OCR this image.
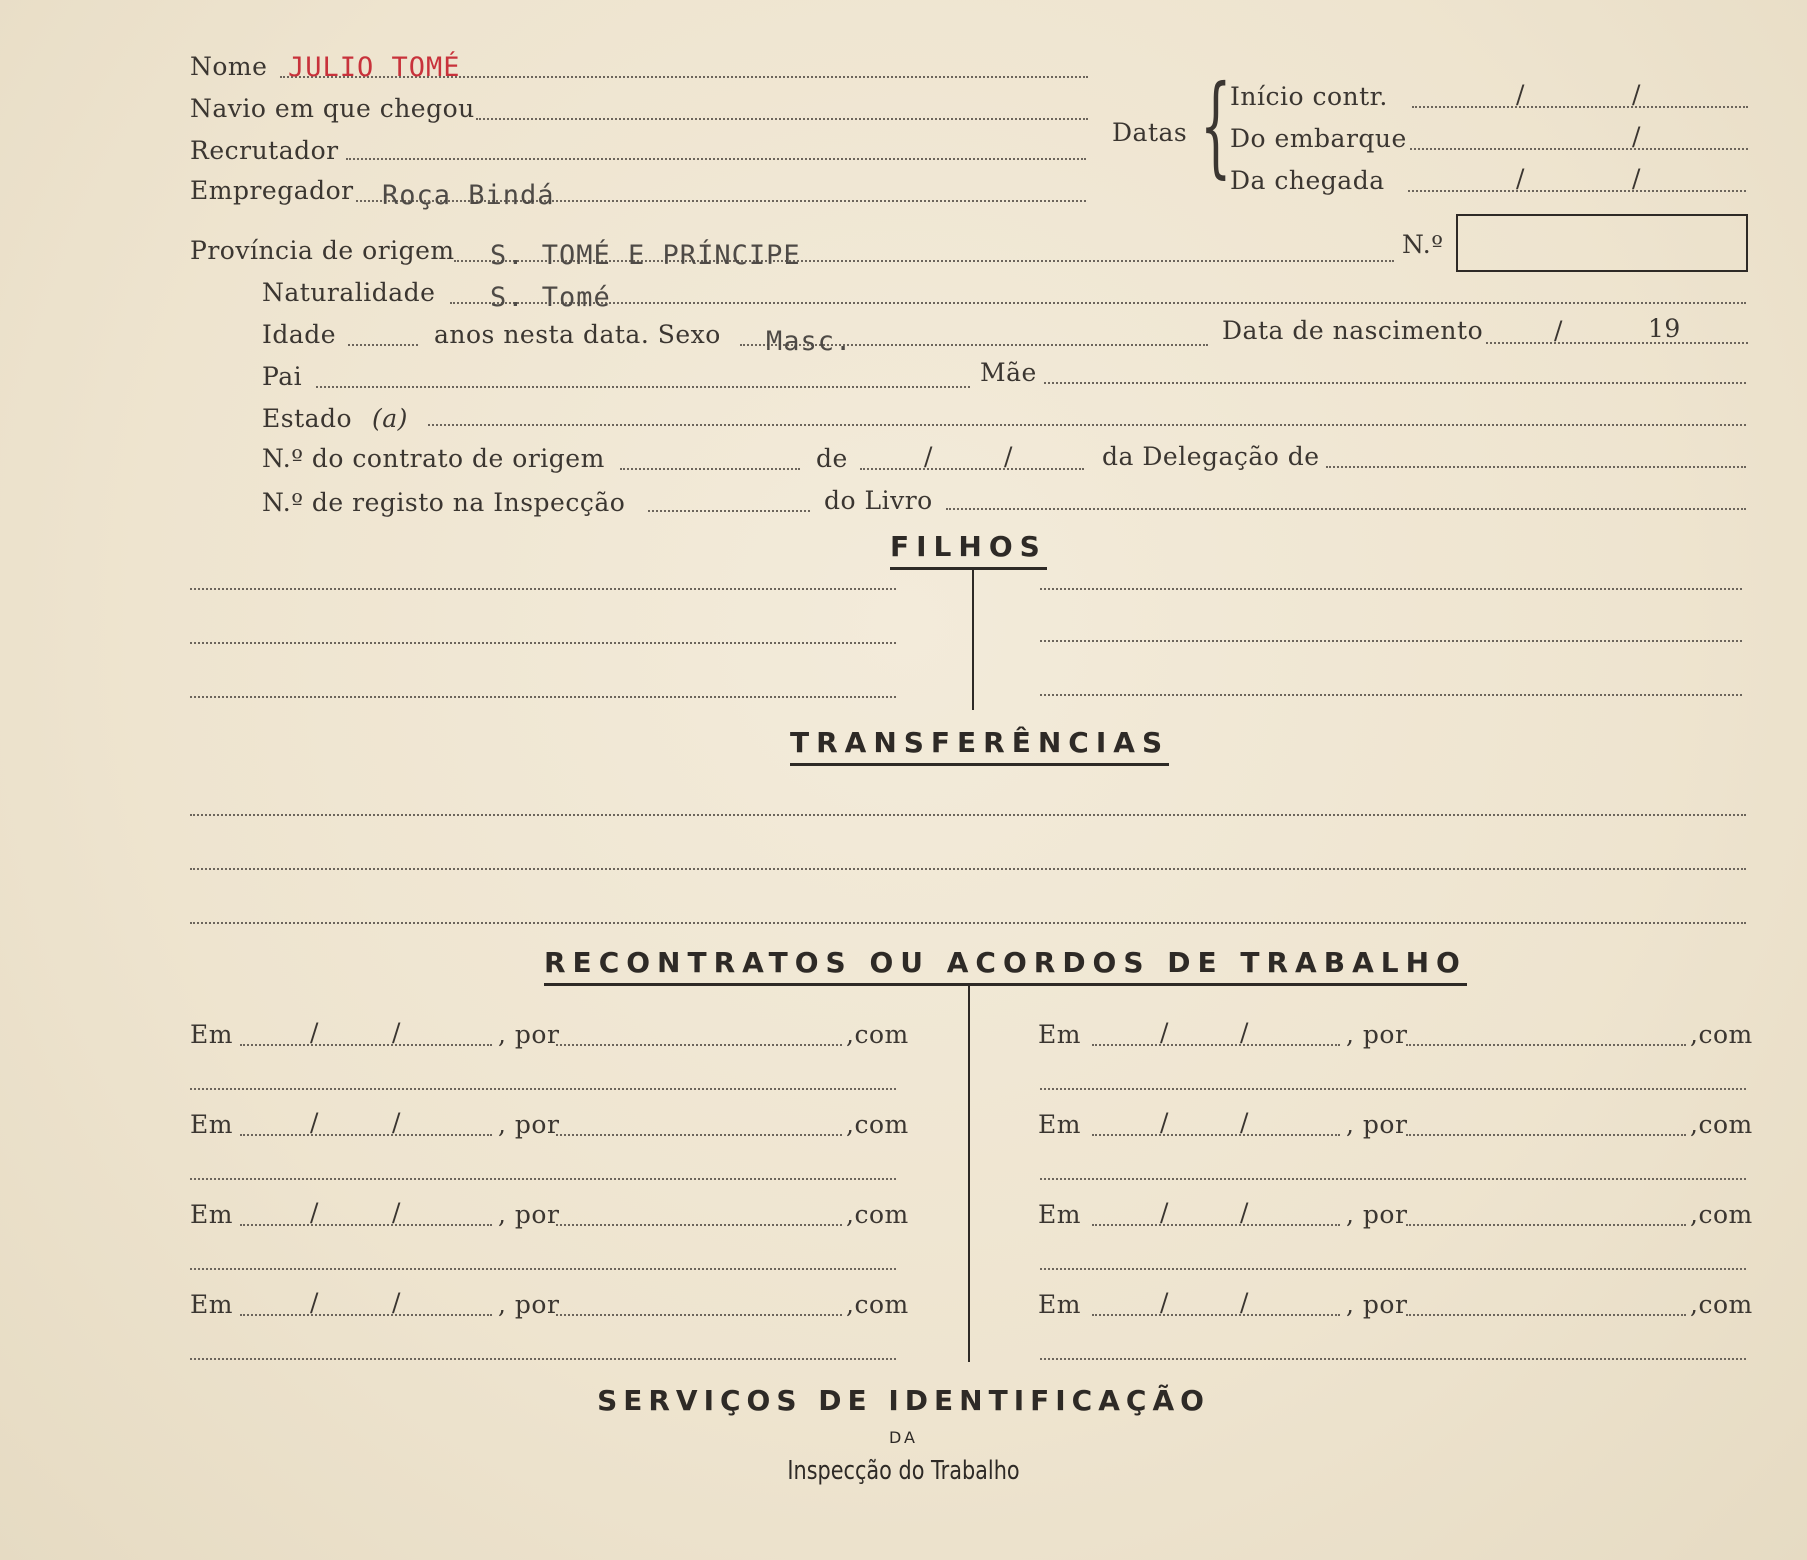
Nome JULIO TOMÉ
Navio em que chegou
Recrutador
Empregador Roça Bindá
Datas {
Início contr.	/	/
Do embarque	/
Da chegada	/	/
Província de origem S. TOMÉ E PRÍNCIPE	N.º
Naturalidade S. Tomé
Idade	anos nesta data. Sexo Masc.	Data de nascimento	/	19
Pai	Mãe
Estado (a)
N.º do contrato de origem	de	/	/	da Delegação de
N.º de registo na Inspecção	do Livro
FILHOS
TRANSFERÊNCIAS
RECONTRATOS OU ACORDOS DE TRABALHO
Em	/	/	, por	,com	Em	/	/	, por	,com
Em	/	/	, por	,com	Em	/	/	, por	,com
Em	/	/	, por	,com	Em	/	/	, por	,com
Em	/	/	, por	,com	Em	/	/	, por	,com
SERVIÇOS DE IDENTIFICAÇÃO
DA
Inspecção do Trabalho
